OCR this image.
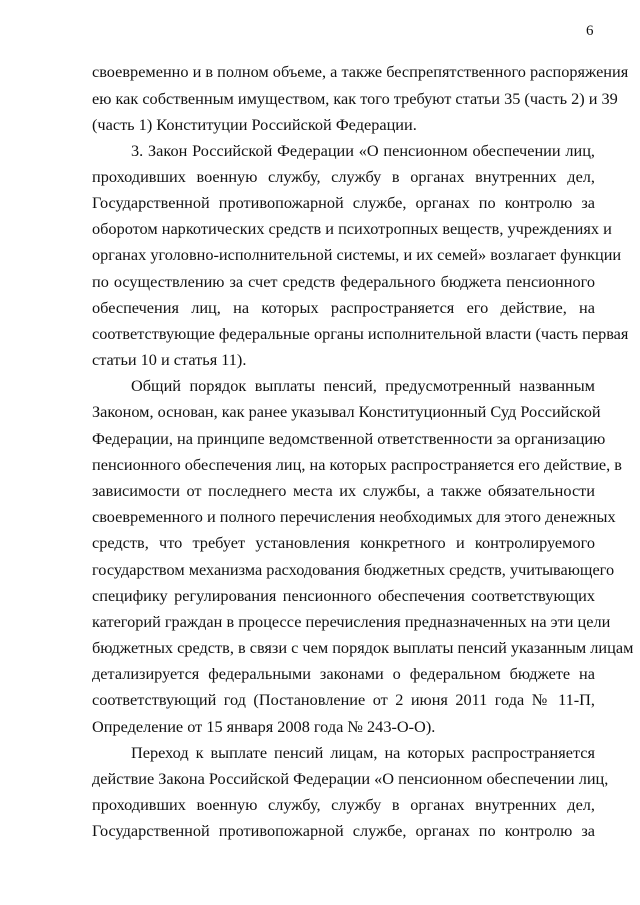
6
своевременно и в полном объеме, а также беспрепятственного распоряжения
ею как собственным имуществом, как того требуют статьи 35 (часть 2) и 39
(часть 1) Конституции Российской Федерации.
3. Закон Российской Федерации «О пенсионном обеспечении лиц,
проходивших военную службу, службу в органах внутренних дел,
Государственной противопожарной службе, органах по контролю за
оборотом наркотических средств и психотропных веществ, учреждениях и
органах уголовно-исполнительной системы, и их семей» возлагает функции
по осуществлению за счет средств федерального бюджета пенсионного
обеспечения лиц, на которых распространяется его действие, на
соответствующие федеральные органы исполнительной власти (часть первая
статьи 10 и статья 11).
Общий порядок выплаты пенсий, предусмотренный названным
Законом, основан, как ранее указывал Конституционный Суд Российской
Федерации, на принципе ведомственной ответственности за организацию
пенсионного обеспечения лиц, на которых распространяется его действие, в
зависимости от последнего места их службы, а также обязательности
своевременного и полного перечисления необходимых для этого денежных
средств, что требует установления конкретного и контролируемого
государством механизма расходования бюджетных средств, учитывающего
специфику регулирования пенсионного обеспечения соответствующих
категорий граждан в процессе перечисления предназначенных на эти цели
бюджетных средств, в связи с чем порядок выплаты пенсий указанным лицам
детализируется федеральными законами о федеральном бюджете на
соответствующий год (Постановление от 2 июня 2011 года № 11-П,
Определение от 15 января 2008 года № 243-О-О).
Переход к выплате пенсий лицам, на которых распространяется
действие Закона Российской Федерации «О пенсионном обеспечении лиц,
проходивших военную службу, службу в органах внутренних дел,
Государственной противопожарной службе, органах по контролю за
